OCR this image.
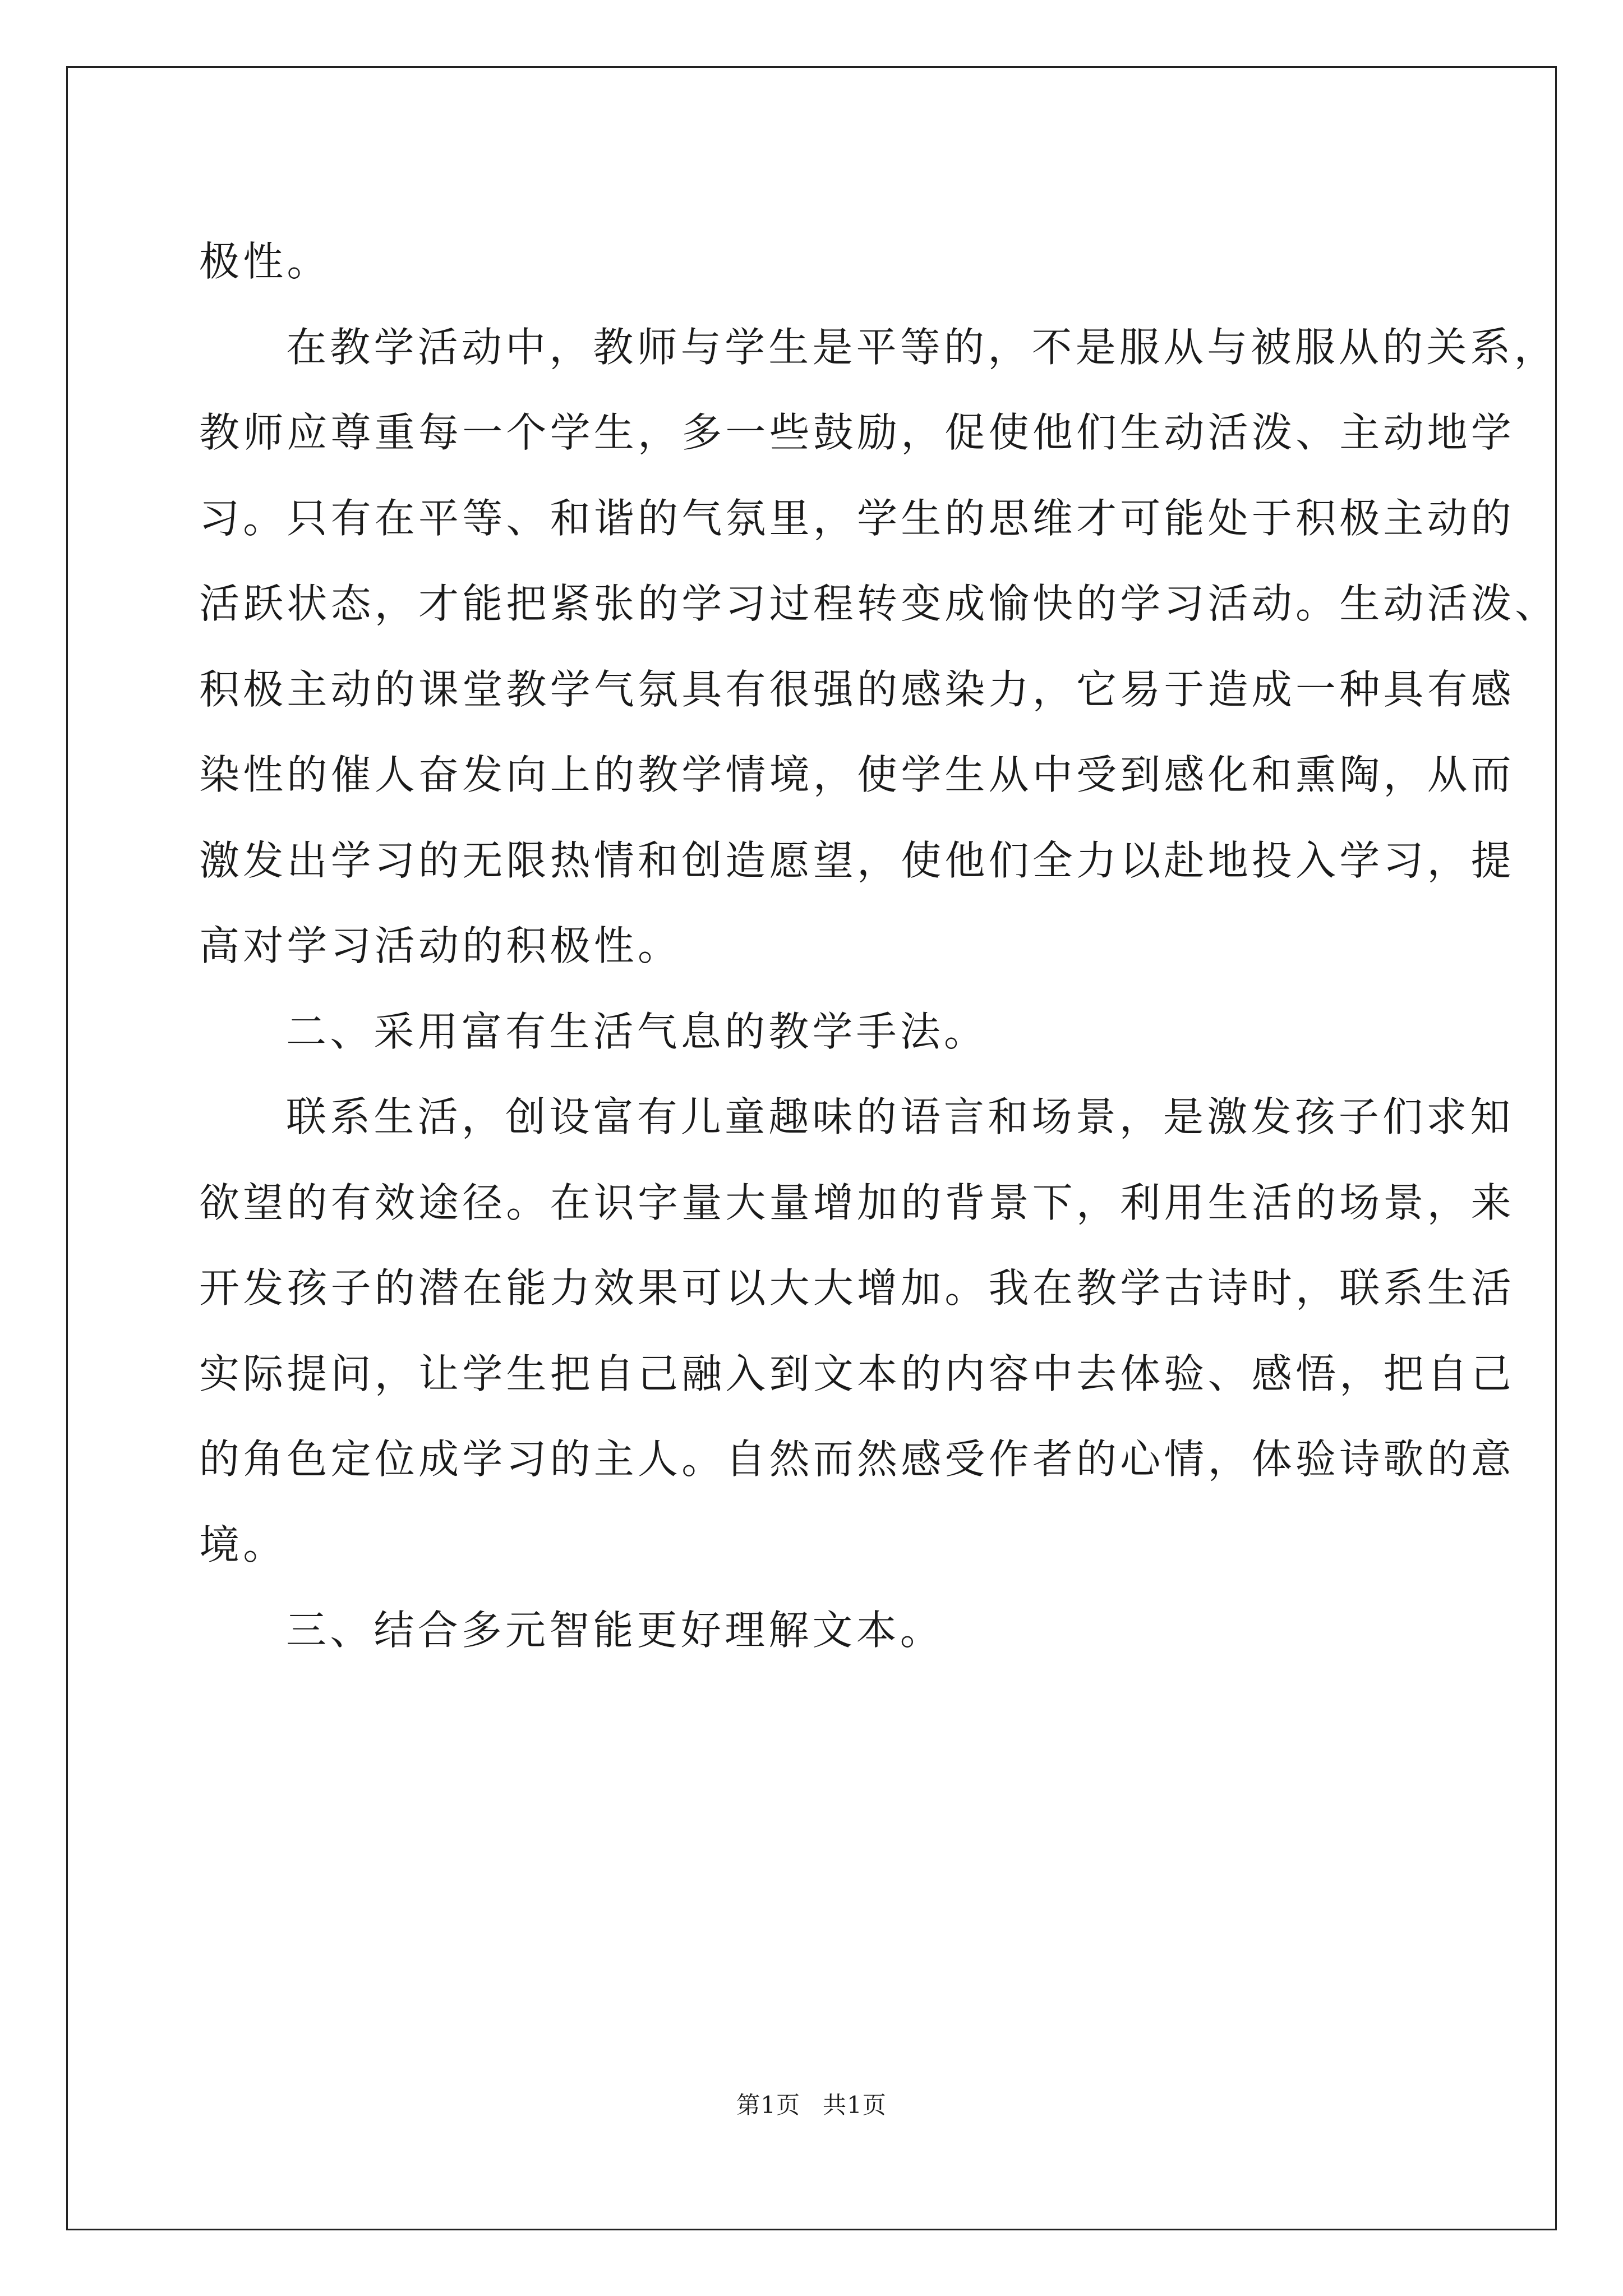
极性。
在教学活动中，教师与学生是平等的，不是服从与被服从的关系，
教师应尊重每一个学生，多一些鼓励，促使他们生动活泼、主动地学
习。只有在平等、和谐的气氛里，学生的思维才可能处于积极主动的
活跃状态，才能把紧张的学习过程转变成愉快的学习活动。生动活泼、
积极主动的课堂教学气氛具有很强的感染力，它易于造成一种具有感
染性的催人奋发向上的教学情境，使学生从中受到感化和熏陶，从而
激发出学习的无限热情和创造愿望，使他们全力以赴地投入学习，提
高对学习活动的积极性。
二、采用富有生活气息的教学手法。
联系生活，创设富有儿童趣味的语言和场景，是激发孩子们求知
欲望的有效途径。在识字量大量增加的背景下，利用生活的场景，来
开发孩子的潜在能力效果可以大大增加。我在教学古诗时，联系生活
实际提问，让学生把自己融入到文本的内容中去体验、感悟，把自己
的角色定位成学习的主人。自然而然感受作者的心情，体验诗歌的意
境。
三、结合多元智能更好理解文本。
第1页 共1页
